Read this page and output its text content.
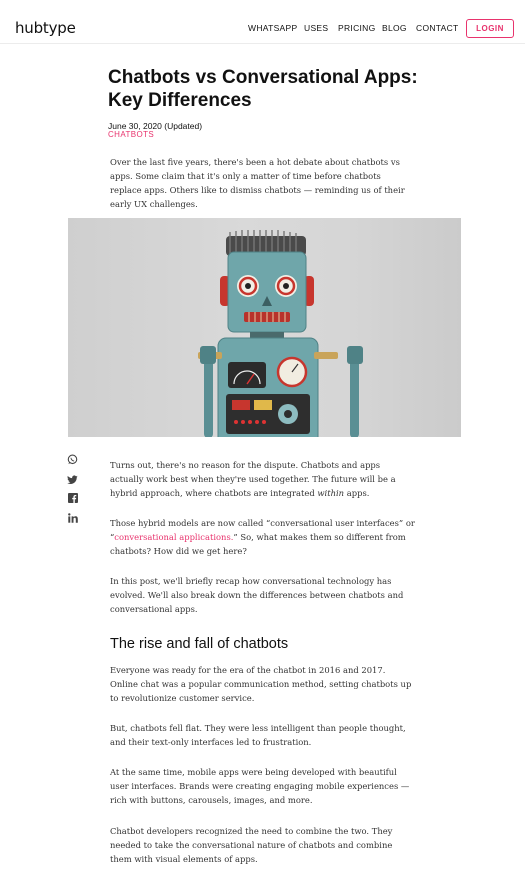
hubtype	WHATSAPP USES PRICING BLOG CONTACT	LOGIN
Chatbots vs Conversational Apps: Key Differences
June 30, 2020 (Updated)
CHATBOTS

Over the last five years, there's been a hot debate about chatbots vs apps. Some claim that it's only a matter of time before chatbots replace apps. Others like to dismiss chatbots — reminding us of their early UX challenges.

Turns out, there's no reason for the dispute. Chatbots and apps actually work best when they're used together. The future will be a hybrid approach, where chatbots are integrated within apps.

Those hybrid models are now called “conversational user interfaces” or “conversational applications.” So, what makes them so different from chatbots? How did we get here?

In this post, we'll briefly recap how conversational technology has evolved. We'll also break down the differences between chatbots and conversational apps.

The rise and fall of chatbots

Everyone was ready for the era of the chatbot in 2016 and 2017. Online chat was a popular communication method, setting chatbots up to revolutionize customer service.

But, chatbots fell flat. They were less intelligent than people thought, and their text-only interfaces led to frustration.

At the same time, mobile apps were being developed with beautiful user interfaces. Brands were creating engaging mobile experiences — rich with buttons, carousels, images, and more.

Chatbot developers recognized the need to combine the two. They needed to take the conversational nature of chatbots and combine them with visual elements of apps.
